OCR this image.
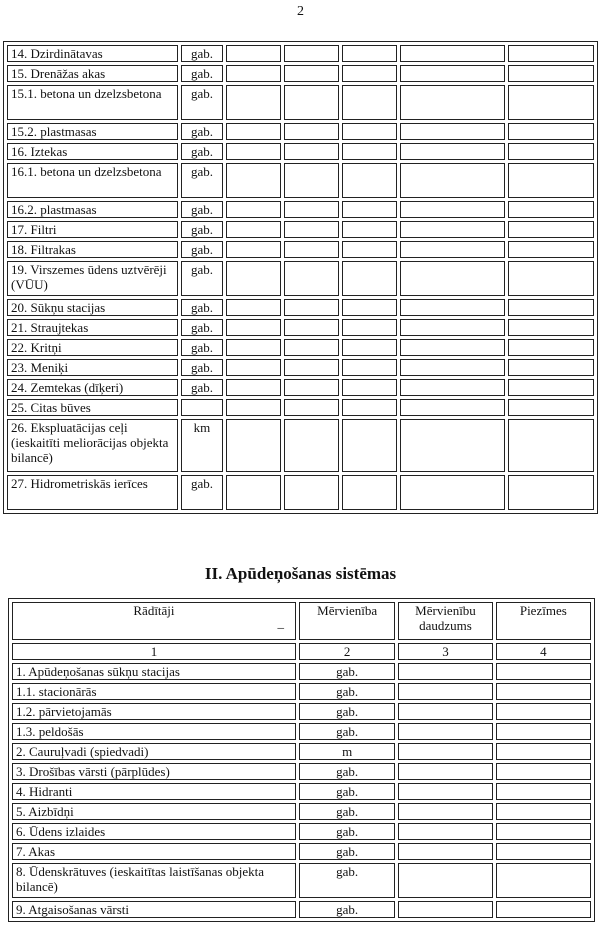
2
14. Dzirdinātavas	gab.					
15. Drenāžas akas	gab.					
15.1. betona un dzelzsbetona	gab.					
15.2. plastmasas	gab.					
16. Iztekas	gab.					
16.1. betona un dzelzsbetona	gab.					
16.2. plastmasas	gab.					
17. Filtri	gab.					
18. Filtrakas	gab.					
19. Virszemes ūdens uztvērēji (VŪU)	gab.					
20. Sūkņu stacijas	gab.					
21. Straujtekas	gab.					
22. Kritņi	gab.					
23. Meniķi	gab.					
24. Zemtekas (dīķeri)	gab.					
25. Citas būves						
26. Ekspluatācijas ceļi (ieskaitīti meliorācijas objekta bilancē)	km					
27. Hidrometriskās ierīces	gab.					
II. Apūdeņošanas sistēmas
Rādītāji
_	Mērvienība	Mērvienību daudzums	Piezīmes
1	2	3	4
1. Apūdeņošanas sūkņu stacijas	gab.		
1.1. stacionārās	gab.		
1.2. pārvietojamās	gab.		
1.3. peldošās	gab.		
2. Cauruļvadi (spiedvadi)	m		
3. Drošības vārsti (pārplūdes)	gab.		
4. Hidranti	gab.		
5. Aizbīdņi	gab.		
6. Ūdens izlaides	gab.		
7. Akas	gab.		
8. Ūdenskrātuves (ieskaitītas laistīšanas objekta bilancē)	gab.		
9. Atgaisošanas vārsti	gab.		
